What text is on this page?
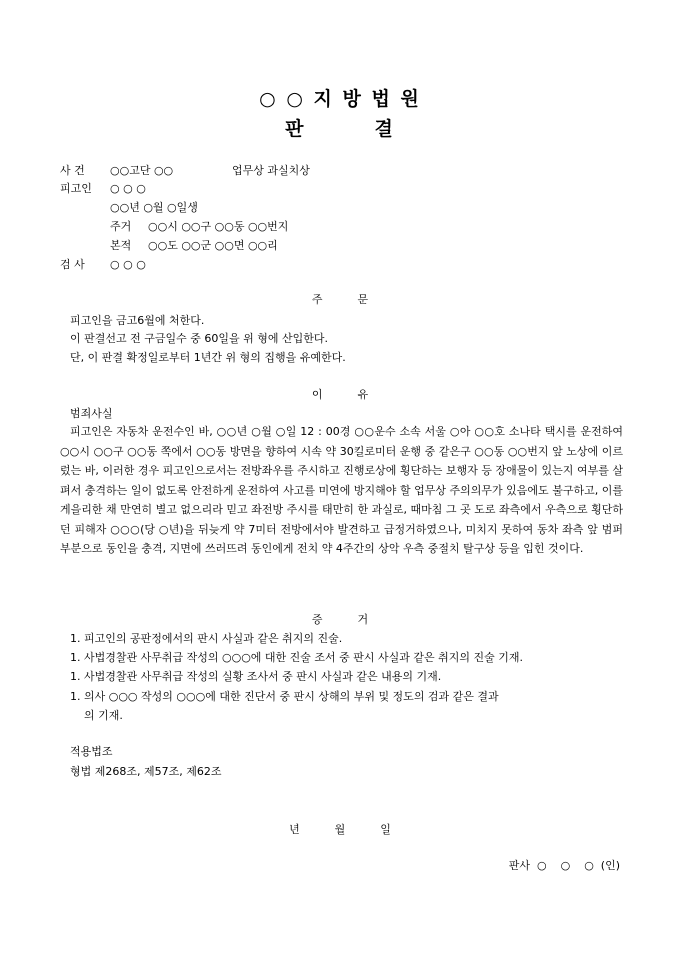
○ ○ 지 방 법 원
판        결
사 건 ○○고단 ○○	업무상 과실치상
피고인 ○ ○ ○
○○년 ○월 ○일생
주거 ○○시 ○○구 ○○동 ○○번지
본적 ○○도 ○○군 ○○면 ○○리
검 사 ○ ○ ○
주          문
피고인을 금고6월에 처한다.
이 판결선고 전 구금일수 중 60일을 위 형에 산입한다.
단, 이 판결 확정일로부터 1년간 위 형의 집행을 유예한다.
이          유
범죄사실
피고인은 자동차 운전수인 바, ○○년 ○월 ○일 12 : 00경 ○○운수 소속 서울 ○아 ○○호 소나타 택시를 운전하여 ○○시 ○○구 ○○동 쪽에서 ○○동 방면을 향하여 시속 약 30킬로미터 운행 중 같은구 ○○동 ○○번지 앞 노상에 이르렀는 바, 이러한 경우 피고인으로서는 전방좌우를 주시하고 진행로상에 횡단하는 보행자 등 장애물이 있는지 여부를 살펴서 충격하는 일이 없도록 안전하게 운전하여 사고를 미연에 방지해야 할 업무상 주의의무가 있음에도 불구하고, 이를 게을리한 채 만연히 별고 없으리라 믿고 좌전방 주시를 태만히 한 과실로, 때마침 그 곳 도로 좌측에서 우측으로 횡단하던 피해자 ○○○(당 ○년)을 뒤늦게 약 7미터 전방에서야 발견하고 급정거하였으나, 미치지 못하여 동차 좌측 앞 범퍼 부분으로 동인을 충격, 지면에 쓰러뜨려 동인에게 전치 약 4주간의 상악 우측 중절치 탈구상 등을 입힌 것이다.
증          거
1. 피고인의 공판정에서의 판시 사실과 같은 취지의 진술.
1. 사법경찰관 사무취급 작성의 ○○○에 대한 진술 조서 중 판시 사실과 같은 취지의 진술 기재.
1. 사법경찰관 사무취급 작성의 실황 조사서 중 판시 사실과 같은 내용의 기재.
1. 의사 ○○○ 작성의 ○○○에 대한 진단서 중 판시 상해의 부위 및 정도의 검과 같은 결과
의 기재.
적용법조
형법 제268조, 제57조, 제62조
년          월          일
판사  ○    ○    ○  (인)
